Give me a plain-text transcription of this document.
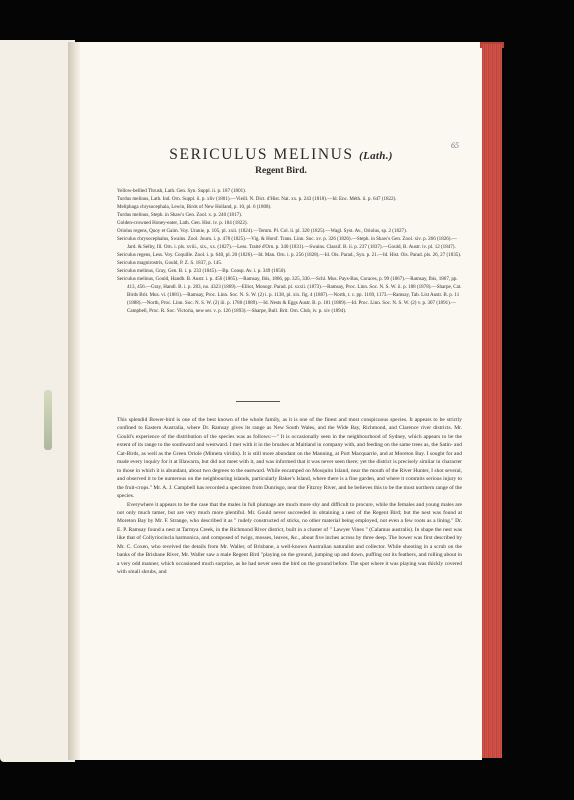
65
SERICULUS MELINUS (Lath.)
Regent Bird.
Yellow-bellied Thrush, Lath. Gen. Syn. Suppl. ii. p. 187 (1801).
Turdus melinus, Lath. Ind. Orn. Suppl. ii. p. xliv (1801).—Vieill. N. Dict. d'Hist. Nat. xx. p. 243 (1818).—Id. Enc. Méth. ii. p. 647 (1822).
Meliphaga chrysocephala, Lewin, Birds of New Holland, p. 10, pl. 6 (1808).
Turdus melinus, Steph. in Shaw's Gen. Zool. x. p. 240 (1817).
Golden-crowned Honey-eater, Lath. Gen. Hist. iv. p. 184 (1822).
Oriolus regens, Quoy et Gaim. Voy. Uranie, p. 105, pl. xxii. (1824).—Temm. Pl. Col. ii. pl. 320 (1825).—Wagl. Syst. Av., Oriolus, sp. 2 (1827).
Sericulus chrysocephalus, Swains. Zool. Journ. i. p. 478 (1825).—Vig. & Horsf. Trans. Linn. Soc. xv. p. 326 (1826).—Steph. in Shaw's Gen. Zool. xiv. p. 266 (1826).—Jard. & Selby, Ill. Orn. i. pls. xviii., xix., xx. (1827).—Less. Traité d'Orn. p. 340 (1831).—Swains. Classif. B. ii. p. 237 (1837).—Gould, B. Austr. iv. pl. 12 (1847).
Sericulus regens, Less. Voy. Coquille. Zool. i. p. 640, pl. 20 (1826).—Id. Man. Orn. i. p. 256 (1828).—Id. Ois. Parad., Syn. p. 21.—Id. Hist. Ois. Parad. pls. 26, 27 (1835).
Sericulus magnirostris, Gould, P. Z. S. 1837, p. 145.
Sericulus melinus, Gray, Gen. B. i. p. 233 (1845).—Bp. Consp. Av. i. p. 349 (1850).
Sericulus melinus, Gould, Handb. B. Austr. i. p. 456 (1865).—Ramsay, Ibis, 1866, pp. 325, 330.—Schl. Mus. Pays-Bas, Coraces, p. 99 (1867).—Ramsay, Ibis, 1867, pp. 413, 456.—Gray, Handl. B. i. p. 283, no. 4323 (1869).—Elliot, Monogr. Parad. pl. xxxii. (1873).—Ramsay, Proc. Linn. Soc. N. S. W. ii. p. 188 (1878).—Sharpe, Cat. Birds Brit. Mus. vi. (1881).—Ramsay, Proc. Linn. Soc. N. S. W. (2) i. p. 1138, pl. xix. fig. 4 (1887).—North, t. c. pp. 1169, 1173.—Ramsay, Tab. List Austr. B. p. 11 (1888).—North, Proc. Linn. Soc. N. S. W. (2) iii. p. 1780 (1889).—Id. Nests & Eggs Austr. B. p. 181 (1889).—Id. Proc. Linn. Soc. N. S. W. (2) v. p. 307 (1891).—Campbell, Proc. R. Soc. Victoria, new ser. v. p. 126 (1893).—Sharpe, Bull. Brit. Orn. Club, iv. p. xiv (1894).

This splendid Bower-bird is one of the best known of the whole family, as it is one of the finest and most conspicuous species. It appears to be strictly confined to Eastern Australia, where Dr. Ramsay gives its range as New South Wales, and the Wide Bay, Richmond, and Clarence river districts. Mr. Gould's experience of the distribution of the species was as follows:—" It is occasionally seen in the neighbourhood of Sydney, which appears to be the extent of its range to the southward and westward. I met with it in the brushes at Maitland in company with, and feeding on the same trees as, the Satin- and Cat-Birds, as well as the Green Oriole (Mimeta viridis). It is still more abundant on the Manning, at Port Macquarrie, and at Moreton Bay. I sought for and made every inquiry for it at Illawarra, but did not meet with it, and was informed that it was never seen there; yet the district is precisely similar in character to those in which it is abundant, about two degrees to the eastward. While encamped on Mosquito Island, near the mouth of the River Hunter, I shot several, and observed it to be numerous on the neighbouring islands, particularly Baker's Island, where there is a fine garden, and where it commits serious injury to the fruit-crops." Mr. A. J. Campbell has recorded a specimen from Dunrisgo, near the Fitzroy River, and he believes this to be the most northern range of the species.

Everywhere it appears to be the case that the males in full plumage are much more shy and difficult to procure, while the females and young males are not only much tamer, but are very much more plentiful. Mr. Gould never succeeded in obtaining a nest of the Regent Bird; but the nest was found at Moreton Bay by Mr. F. Strange, who described it as " rudely constructed of sticks, no other material being employed, not even a few roots as a lining." Dr. E. P. Ramsay found a nest at Tarmya Creek, in the Richmond River district, built in a cluster of " Lawyer Vines " (Calamus australis). In shape the nest was like that of Collyriocincla harmonica, and composed of twigs, mosses, leaves, &c., about five inches across by three deep. The bower was first described by Mr. C. Coxen, who received the details from Mr. Waller, of Brisbane, a well-known Australian naturalist and collector. While shooting in a scrub on the banks of the Brisbane River, Mr. Waller saw a male Regent Bird "playing on the ground, jumping up and down, puffing out its feathers, and rolling about in a very odd manner, which occasioned much surprise, as he had never seen the bird on the ground before. The spot where it was playing was thickly covered with small shrubs, and
